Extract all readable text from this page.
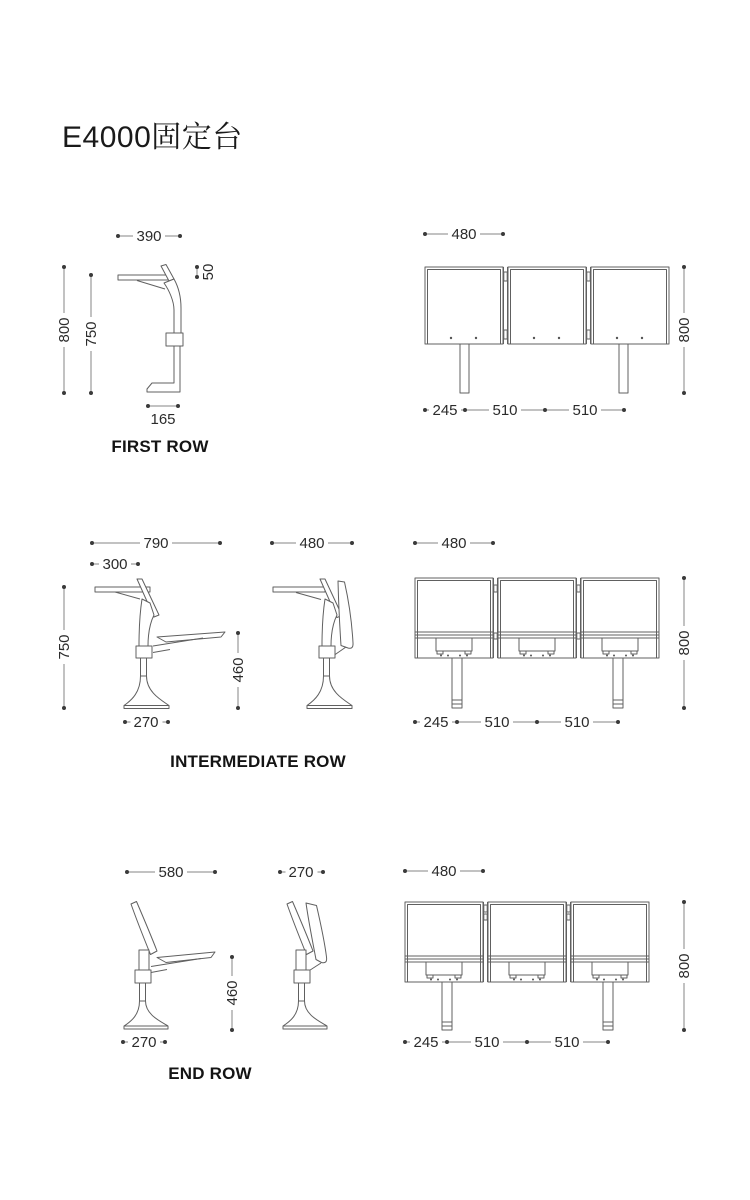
E4000固定台
390
50
800 750
165
480
800
245 510	510
790
300
750
460
270
480	480
800
245 510	510
580
460
270
270	480
800
245 510	510
FIRST ROW
INTERMEDIATE ROW
END ROW
